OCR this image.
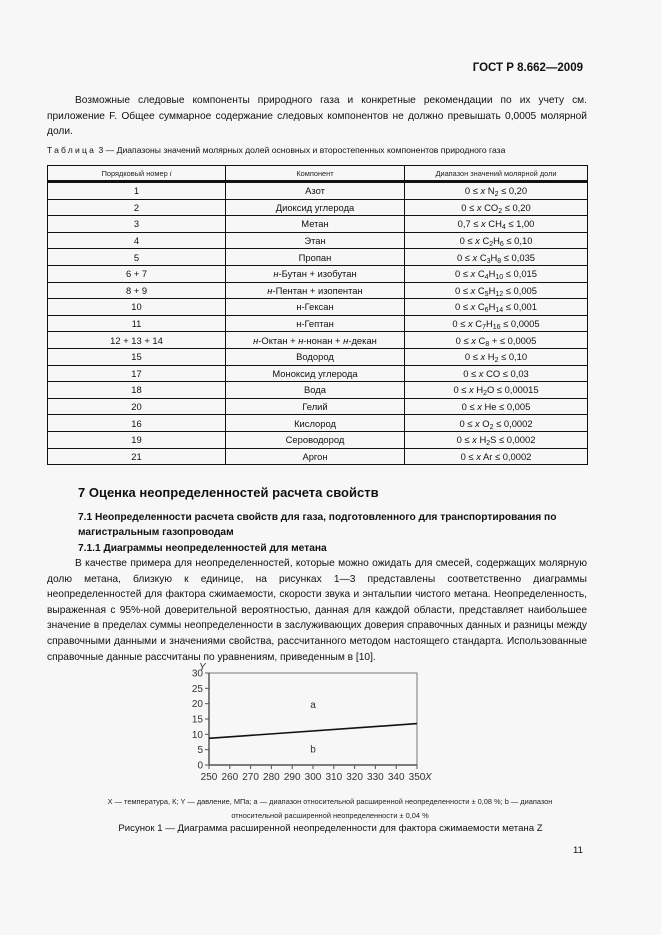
ГОСТ Р 8.662—2009
Возможные следовые компоненты природного газа и конкретные рекомендации по их учету см. приложение F. Общее суммарное содержание следовых компонентов не должно превышать 0,0005 молярной доли.
Таблица 3 — Диапазоны значений молярных долей основных и второстепенных компонентов природного газа
Порядковый номер i	Компонент	Диапазон значений молярной доли
1	Азот	0 ≤ x $N_2 \le 0,20$
2	Диоксид углерода	0 ≤ x $CO_2 \le 0,20$
3	Метан	0,7 ≤ x $CH_4 \le 1,00$
4	Этан	0 ≤ x $C_2H_6 \le 0,10$
5	Пропан	0 ≤ x $C_3H_8 \le 0,035$
6 + 7	н-Бутан + изобутан	0 ≤ x $C_4H_{10} \le 0,015$
8 + 9	н-Пентан + изопентан	0 ≤ x $C_5H_{12} \le 0,005$
10	н-Гексан	0 ≤ x $C_6H_{14} \le 0,001$
11	н-Гептан	0 ≤ x $C_7H_{16} \le 0,0005$
12 + 13 + 14	н-Октан + н-нонан + н-декан	0 ≤ x $C_8$ + ≤ 0,0005
15	Водород	0 ≤ x $H_2 \le 0,10$
17	Моноксид углерода	0 ≤ x CO ≤ 0,03
18	Вода	0 ≤ x $H_2O \le 0,00015$
20	Гелий	0 ≤ x He ≤ 0,005
16	Кислород	0 ≤ x $O_2 \le 0,0002$
19	Сероводород	0 ≤ x $H_2S \le 0,0002$
21	Аргон	0 ≤ x Ar ≤ 0,0002
7 Оценка неопределенностей расчета свойств
7.1 Неопределенности расчета свойств для газа, подготовленного для транспортирования по магистральным газопроводам
7.1.1 Диаграммы неопределенностей для метана
В качестве примера для неопределенностей, которые можно ожидать для смесей, содержащих молярную долю метана, близкую к единице, на рисунках 1—3 представлены соответственно диаграммы неопределенностей для фактора сжимаемости, скорости звука и энтальпии чистого метана. Неопределенность, выраженная с 95%-ной доверительной вероятностью, данная для каждой области, представляет наибольшее значение в пределах суммы неопределенности в заслуживающих доверия справочных данных и разницы между справочными данными и значениями свойства, рассчитанного методом настоящего стандарта. Использованные справочные данные рассчитаны по уравнениям, приведенным в [10].
0
5
10
15
20
25
30
250 260 270 280 290 300 310 320 330 340 350
Y
X
a
b
X — температура, К; Y — давление, МПа; a — диапазон относительной расширенной неопределенности ± 0,08 %; b — диапазон
относительной расширенной неопределенности ± 0,04 %
Рисунок 1 — Диаграмма расширенной неопределенности для фактора сжимаемости метана Z
11
